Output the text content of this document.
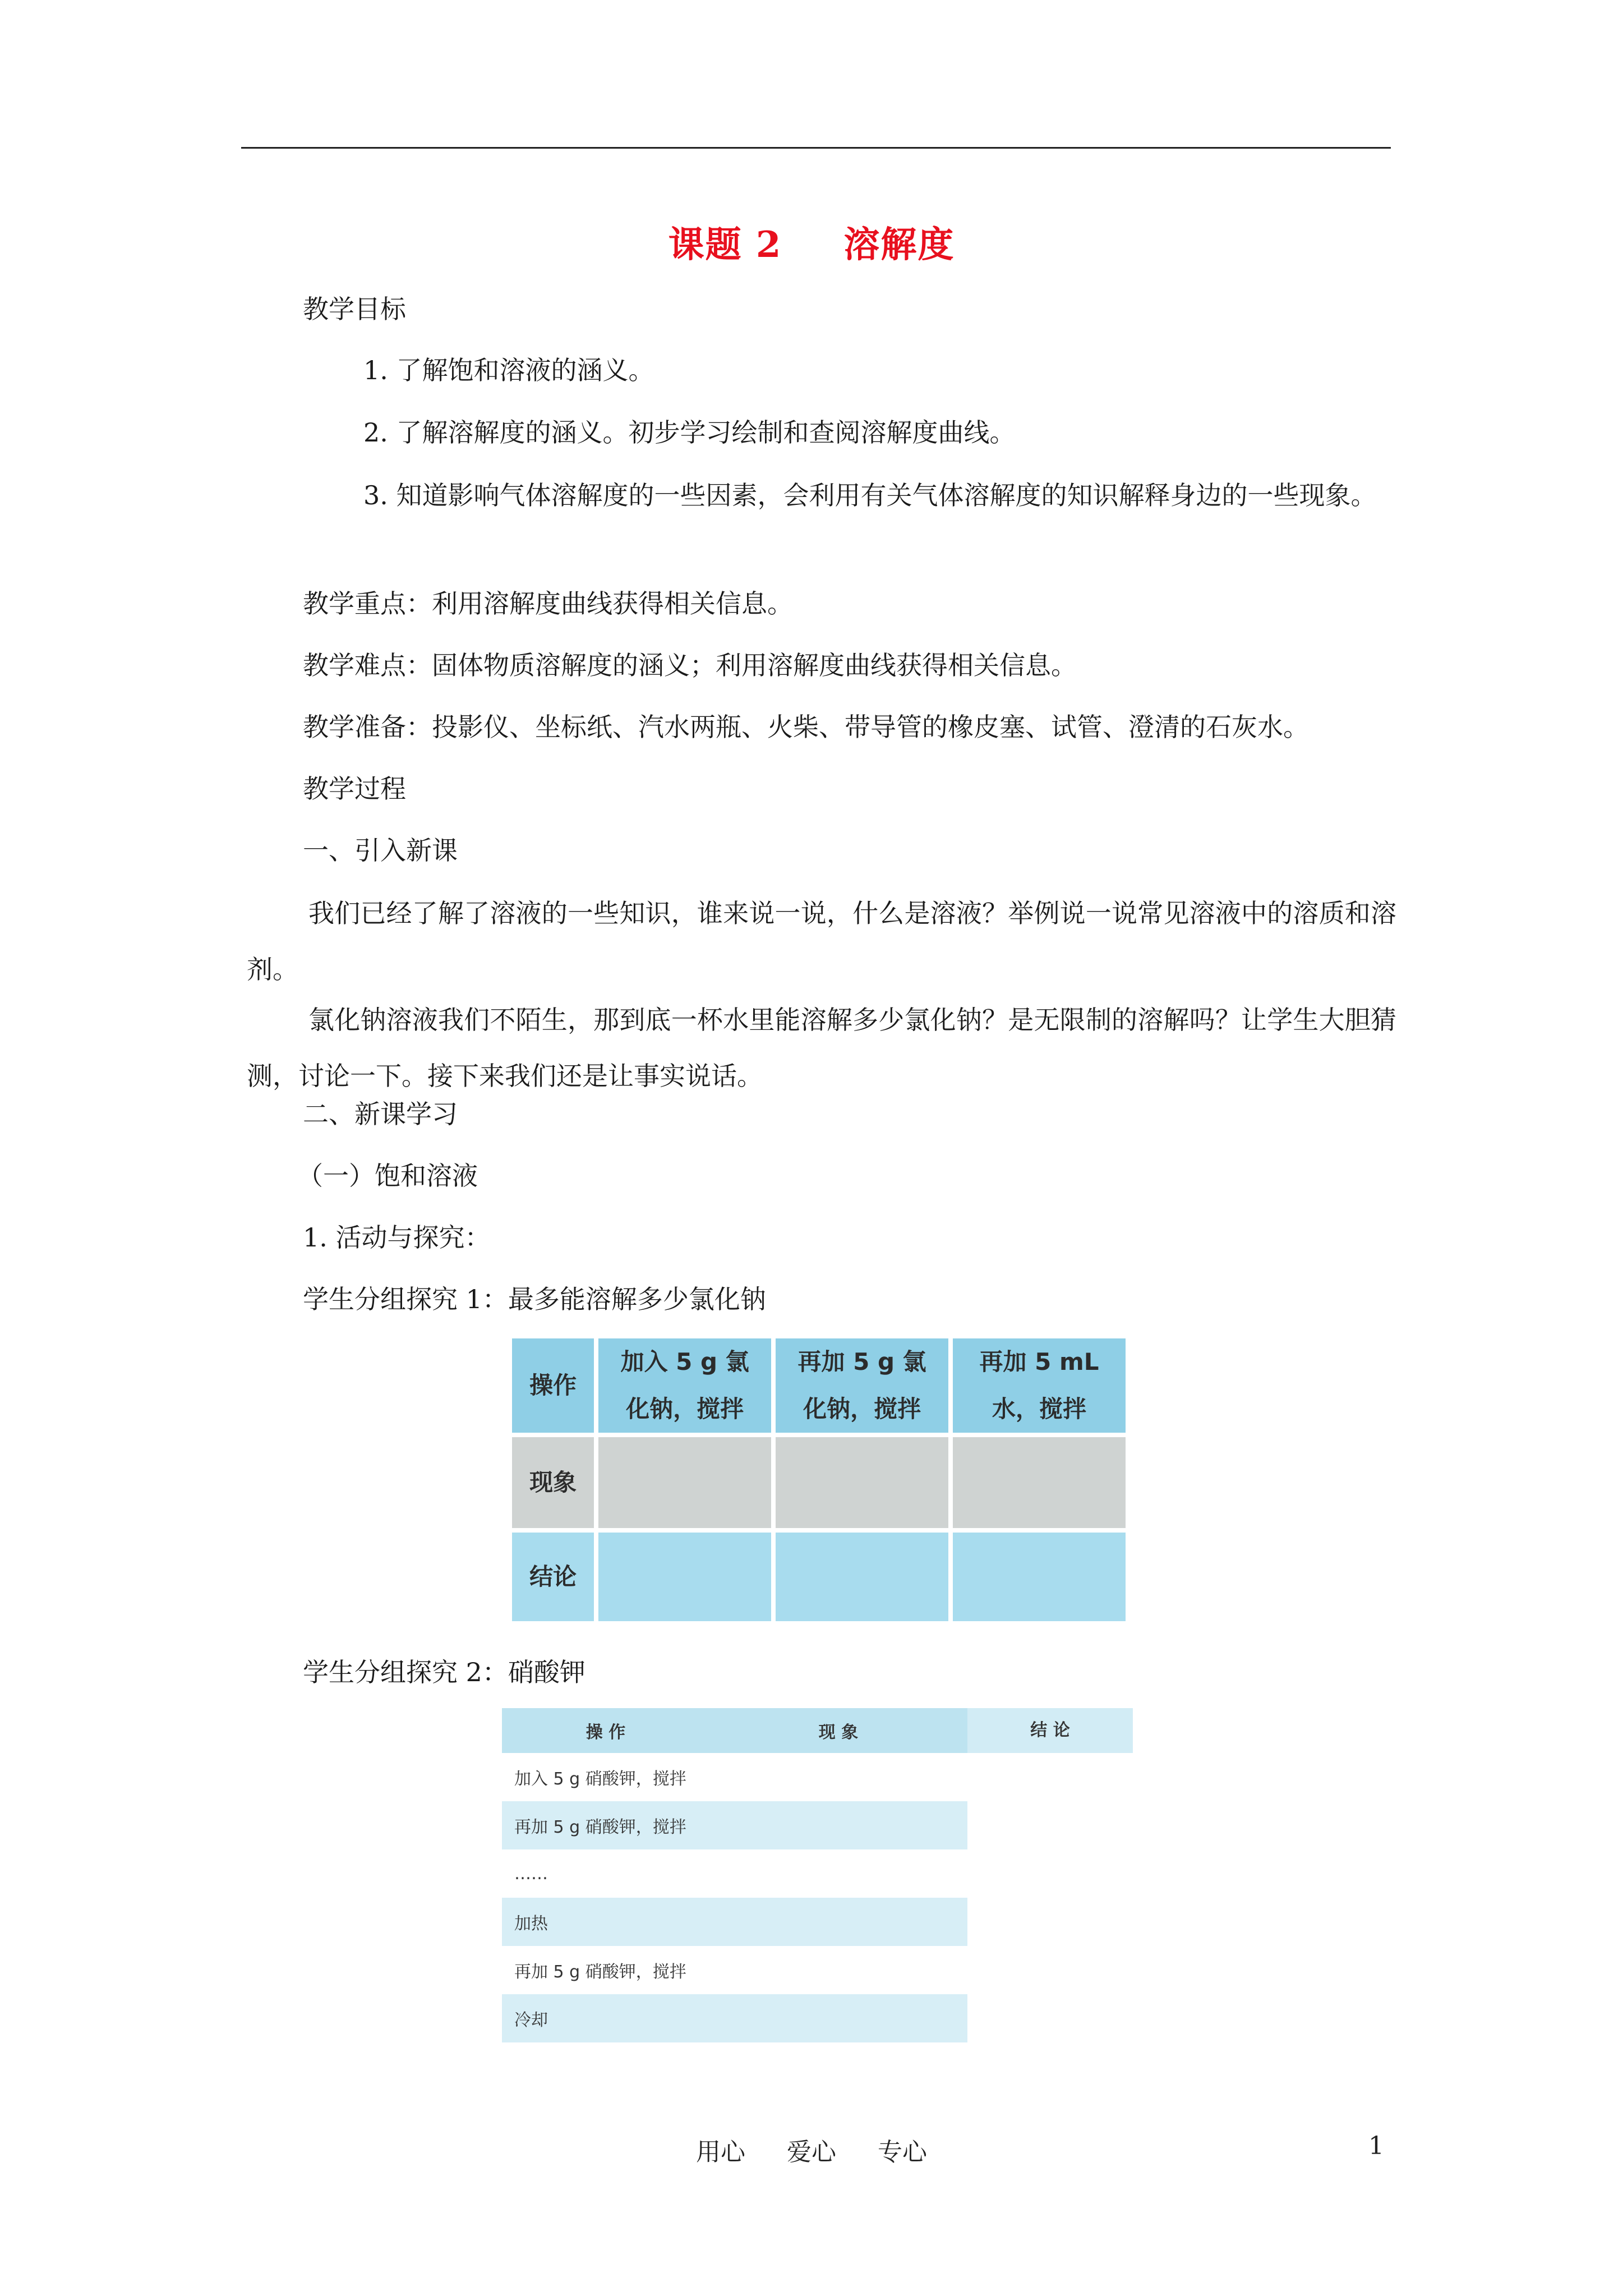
课题 2 溶解度
教学目标
1. 了解饱和溶液的涵义。
2. 了解溶解度的涵义。初步学习绘制和查阅溶解度曲线。
3. 知道影响气体溶解度的一些因素，会利用有关气体溶解度的知识解释身边的一些现象。
教学重点：利用溶解度曲线获得相关信息。
教学难点：固体物质溶解度的涵义；利用溶解度曲线获得相关信息。
教学准备：投影仪、坐标纸、汽水两瓶、火柴、带导管的橡皮塞、试管、澄清的石灰水。
教学过程
一、引入新课
我们已经了解了溶液的一些知识，谁来说一说，什么是溶液？举例说一说常见溶液中的溶质和溶剂。
氯化钠溶液我们不陌生，那到底一杯水里能溶解多少氯化钠？是无限制的溶解吗？让学生大胆猜测，讨论一下。接下来我们还是让事实说话。
二、新课学习
（一）饱和溶液
1. 活动与探究：
学生分组探究 1：最多能溶解多少氯化钠
操作	加入 5 g 氯化钠，搅拌	再加 5 g 氯化钠，搅拌	再加 5 mL 水，搅拌
现象			
结论			
学生分组探究 2：硝酸钾
操 作	现 象	结 论
加入 5 g 硝酸钾，搅拌
再加 5 g 硝酸钾，搅拌
……
加热
再加 5 g 硝酸钾，搅拌
冷却
用心 爱心 专心	1
